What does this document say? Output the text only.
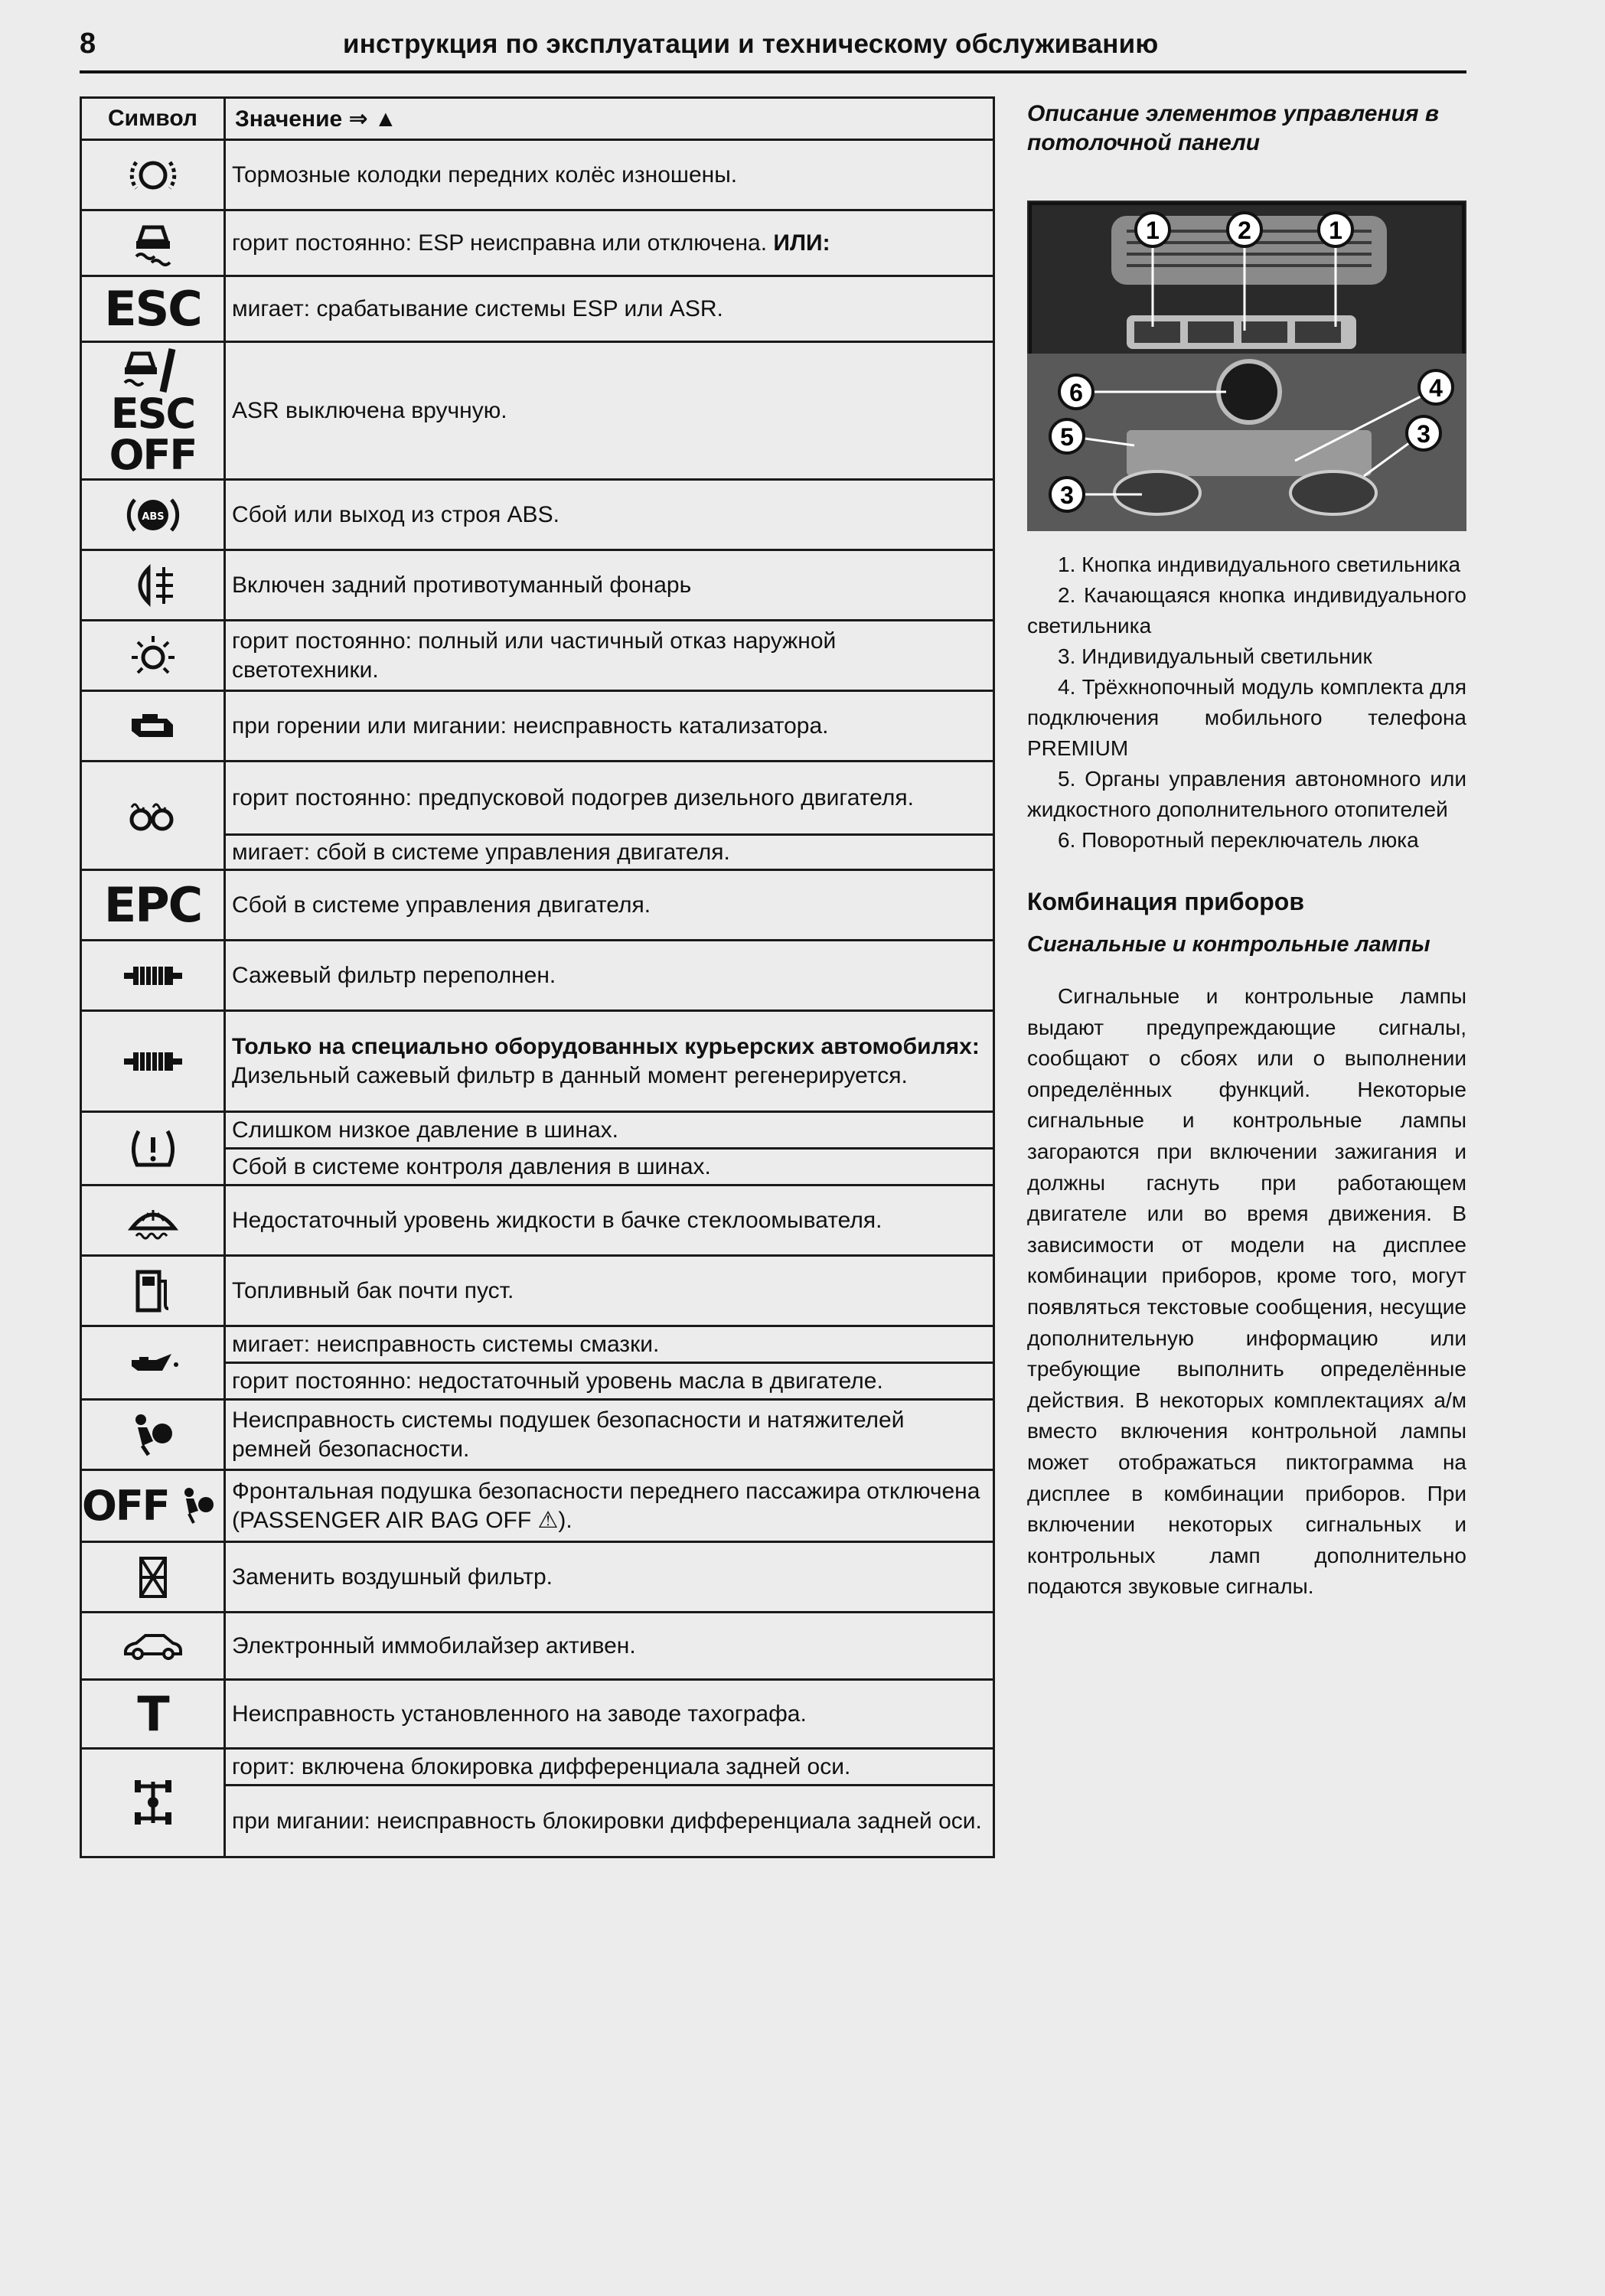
8	инструкция по эксплуатации и техническому обслуживанию
Символ	Значение ⇒ ▲

	Тормозные колодки передних колёс изношены.

	горит постоянно: ESP неисправна или отключена. ИЛИ:

ESC	мигает: срабатывание системы ESP или ASR.

ESC OFF	ASR выключена вручную.

ABS	Сбой или выход из строя ABS.

	Включен задний противотуманный фонарь

	горит постоянно: полный или частичный отказ наружной светотехники.

	при горении или мигании: неисправность катализатора.

	горит постоянно: предпусковой подогрев дизельного двигателя.
	мигает: сбой в системе управления двигателя.

EPC	Сбой в системе управления двигателя.

	Сажевый фильтр переполнен.

	Только на специально оборудованных курьерских автомобилях:
Дизельный сажевый фильтр в данный момент регенерируется.

	Слишком низкое давление в шинах.
	Сбой в системе контроля давления в шинах.

	Недостаточный уровень жидкости в бачке стеклоомывателя.

	Топливный бак почти пуст.

	мигает: неисправность системы смазки.
	горит постоянно: недостаточный уровень масла в двигателе.

	Неисправность системы подушек безопасности и натяжителей ремней безопасности.

OFF	Фронтальная подушка безопасности переднего пассажира отключена (PASSENGER AIR BAG OFF ⚠).

	Заменить воздушный фильтр.

	Электронный иммобилайзер активен.

T	Неисправность установленного на заводе тахографа.

	горит: включена блокировка дифференциала задней оси.
	при мигании: неисправность блокировки дифференциала задней оси.
Описание элементов управления в потолочной панели
1	2	1
6	4
5	3
3
1. Кнопка индивидуального светильника
2. Качающаяся кнопка индивидуального светильника
3. Индивидуальный светильник
4. Трёхкнопочный модуль комплекта для подключения мобильного телефона PREMIUM
5. Органы управления автономного или жидкостного дополнительного отопителей
6. Поворотный переключатель люка
Комбинация приборов
Сигнальные и контрольные лампы
Сигнальные и контрольные лампы выдают предупреждающие сигналы, сообщают о сбоях или о выполнении определённых функций. Некоторые сигнальные и контрольные лампы загораются при включении зажигания и должны гаснуть при работающем двигателе или во время движения. В зависимости от модели на дисплее комбинации приборов, кроме того, могут появляться текстовые сообщения, несущие дополнительную информацию или требующие выполнить определённые действия. В некоторых комплектациях а/м вместо включения контрольной лампы может отображаться пиктограмма на дисплее в комбинации приборов. При включении некоторых сигнальных и контрольных ламп дополнительно подаются звуковые сигналы.
